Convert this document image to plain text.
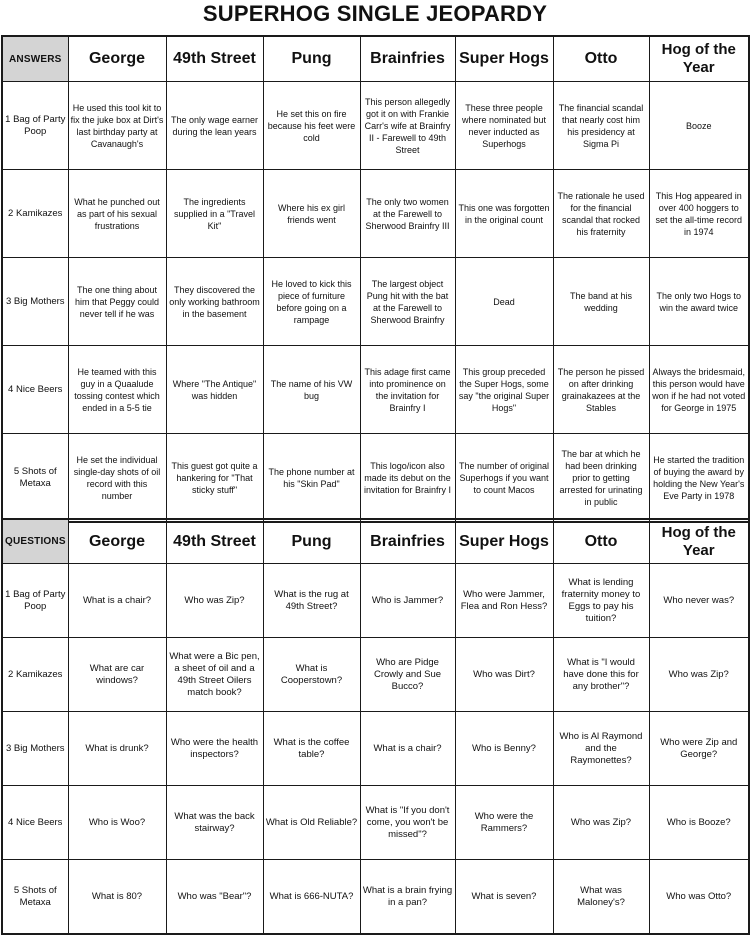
SUPERHOG SINGLE JEOPARDY
ANSWERS	George	49th Street	Pung	Brainfries	Super Hogs	Otto	Hog of the Year
1 Bag of Party Poop	He used this tool kit to fix the juke box at Dirt's last birthday party at Cavanaugh's	The only wage earner during the lean years	He set this on fire because his feet were cold	This person allegedly got it on with Frankie Carr's wife at Brainfry II - Farewell to 49th Street	These three people where nominated but never inducted as Superhogs	The financial scandal that nearly cost him his presidency at Sigma Pi	Booze
2 Kamikazes	What he punched out as part of his sexual frustrations	The ingredients supplied in a "Travel Kit"	Where his ex girl friends went	The only two women at the Farewell to Sherwood Brainfry III	This one was forgotten in the original count	The rationale he used for the financial scandal that rocked his fraternity	This Hog appeared in over 400 hoggers to set the all-time record in 1974
3 Big Mothers	The one thing about him that Peggy could never tell if he was	They discovered the only working bathroom in the basement	He loved to kick this piece of furniture before going on a rampage	The largest object Pung hit with the bat at the Farewell to Sherwood Brainfry	Dead	The band at his wedding	The only two Hogs to win the award twice
4 Nice Beers	He teamed with this guy in a Quaalude tossing contest which ended in a 5-5 tie	Where "The Antique" was hidden	The name of his VW bug	This adage first came into prominence on the invitation for Brainfry I	This group preceded the Super Hogs, some say "the original Super Hogs"	The person he pissed on after drinking grainakazees at the Stables	Always the bridesmaid, this person would have won if he had not voted for George in 1975
5 Shots of Metaxa	He set the individual single-day shots of oil record with this number	This guest got quite a hankering for "That sticky stuff"	The phone number at his "Skin Pad"	This logo/icon also made its debut on the invitation for Brainfry I	The number of original Superhogs if you want to count Macos	The bar at which he had been drinking prior to getting arrested for urinating in public	He started the tradition of buying the award by holding the New Year's Eve Party in 1978
QUESTIONS	George	49th Street	Pung	Brainfries	Super Hogs	Otto	Hog of the Year
1 Bag of Party Poop	What is a chair?	Who was Zip?	What is the rug at 49th Street?	Who is Jammer?	Who were Jammer, Flea and Ron Hess?	What is lending fraternity money to Eggs to pay his tuition?	Who never was?
2 Kamikazes	What are car windows?	What were a Bic pen, a sheet of oil and a 49th Street Oilers match book?	What is Cooperstown?	Who are Pidge Crowly and Sue Bucco?	Who was Dirt?	What is "I would have done this for any brother"?	Who was Zip?
3 Big Mothers	What is drunk?	Who were the health inspectors?	What is the coffee table?	What is a chair?	Who is Benny?	Who is Al Raymond and the Raymonettes?	Who were Zip and George?
4 Nice Beers	Who is Woo?	What was the back stairway?	What is Old Reliable?	What is "If you don't come, you won't be missed"?	Who were the Rammers?	Who was Zip?	Who is Booze?
5 Shots of Metaxa	What is 80?	Who was "Bear"?	What is 666-NUTA?	What is a brain frying in a pan?	What is seven?	What was Maloney's?	Who was Otto?
